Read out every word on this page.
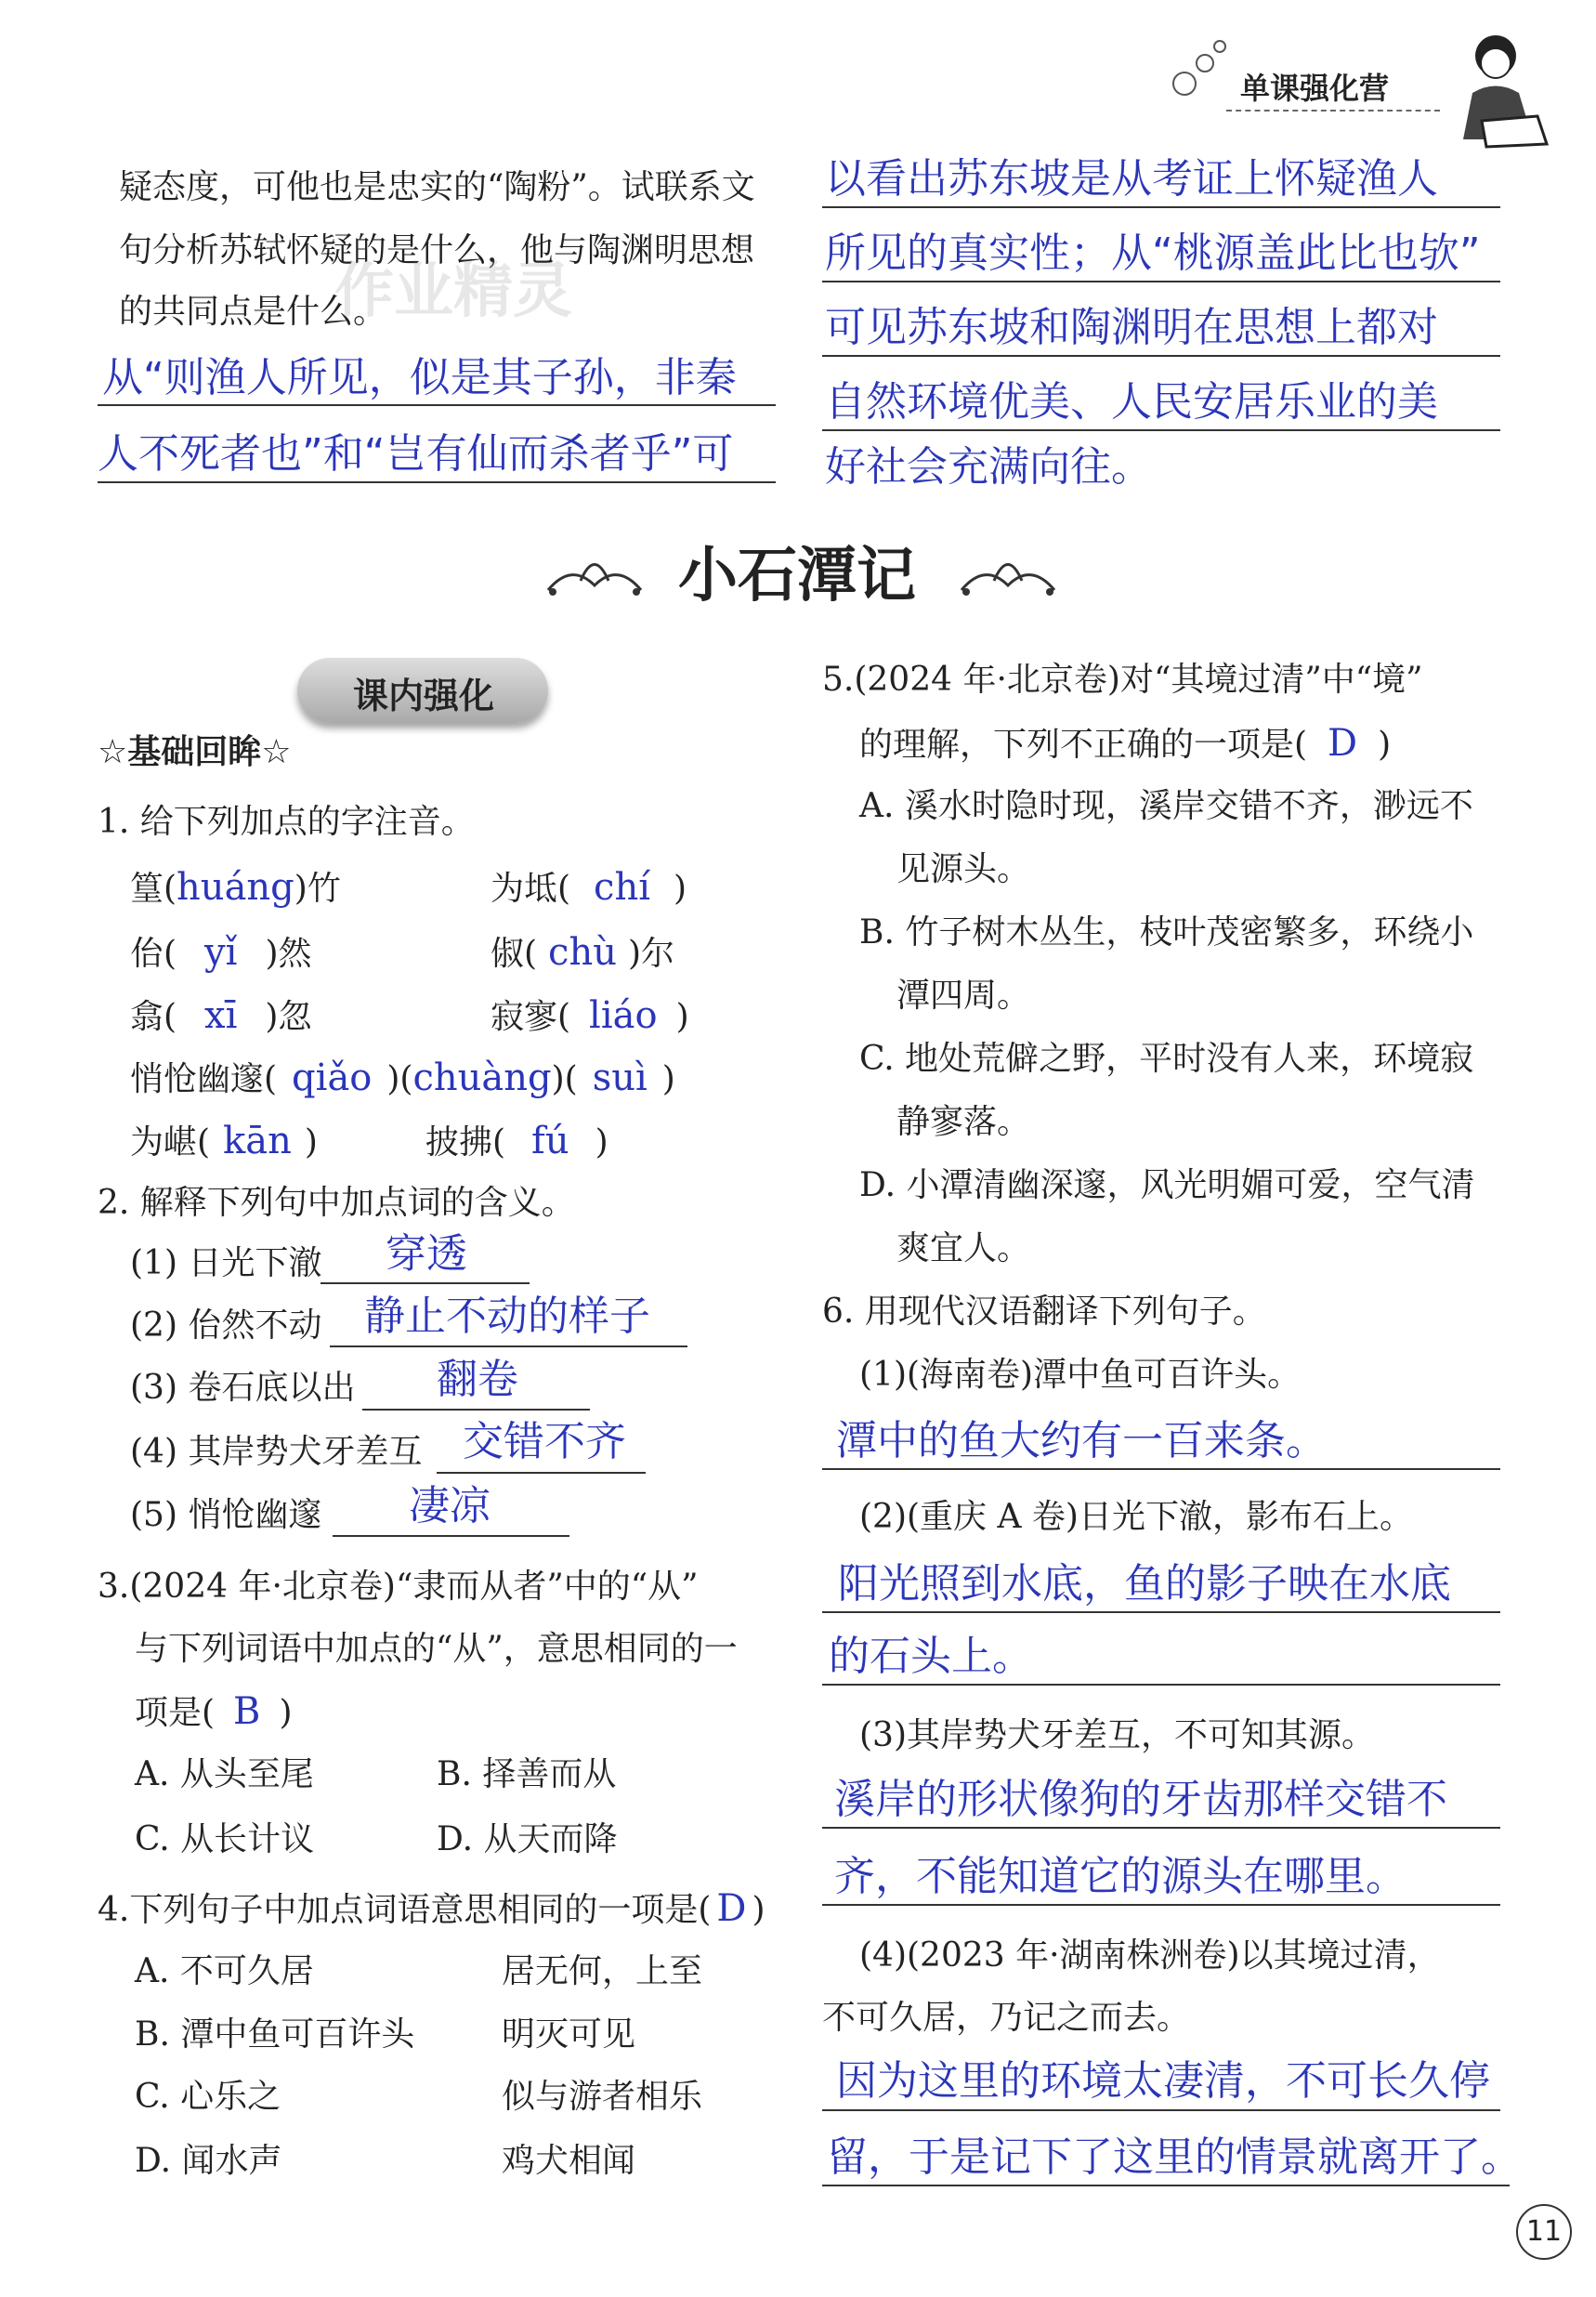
单课强化营
疑态度，可他也是忠实的“陶粉”。试联系文
句分析苏轼怀疑的是什么，他与陶渊明思想
的共同点是什么。
作业精灵
从“则渔人所见，似是其子孙，非秦
人不死者也”和“岂有仙而杀者乎”可
以看出苏东坡是从考证上怀疑渔人
所见的真实性；从“桃源盖此比也欤”
可见苏东坡和陶渊明在思想上都对
自然环境优美、人民安居乐业的美
好社会充满向往。
小石潭记
课内强化
☆基础回眸☆
1. 给下列加点的字注音。
篁(huáng)竹	为坻( chí )
佁( yǐ )然	俶( chù )尔
翕( xī )忽	寂寥( liáo )
悄怆幽邃( qiǎo )(chuàng)( suì )
为嵁( kān )	披拂( fú )
2. 解释下列句中加点词的含义。
(1) 日光下澈 穿透
(2) 佁然不动 静止不动的样子
(3) 卷石底以出 翻卷
(4) 其岸势犬牙差互 交错不齐
(5) 悄怆幽邃 凄凉
3.(2024 年·北京卷)“隶而从者”中的“从”
与下列词语中加点的“从”，意思相同的一
项是( B )
A. 从头至尾	B. 择善而从
C. 从长计议	D. 从天而降
4.下列句子中加点词语意思相同的一项是( D )
A. 不可久居	居无何，上至
B. 潭中鱼可百许头	明灭可见
C. 心乐之	似与游者相乐
D. 闻水声	鸡犬相闻
5.(2024 年·北京卷)对“其境过清”中“境”
的理解，下列不正确的一项是( D )
A. 溪水时隐时现，溪岸交错不齐，渺远不
见源头。
B. 竹子树木丛生，枝叶茂密繁多，环绕小
潭四周。
C. 地处荒僻之野，平时没有人来，环境寂
静寥落。
D. 小潭清幽深邃，风光明媚可爱，空气清
爽宜人。
6. 用现代汉语翻译下列句子。
(1)(海南卷)潭中鱼可百许头。
潭中的鱼大约有一百来条。
(2)(重庆 A 卷)日光下澈，影布石上。
阳光照到水底，鱼的影子映在水底
的石头上。
(3)其岸势犬牙差互，不可知其源。
溪岸的形状像狗的牙齿那样交错不
齐，不能知道它的源头在哪里。
(4)(2023 年·湖南株洲卷)以其境过清，
不可久居，乃记之而去。
因为这里的环境太凄清，不可长久停
留，于是记下了这里的情景就离开了。
11
